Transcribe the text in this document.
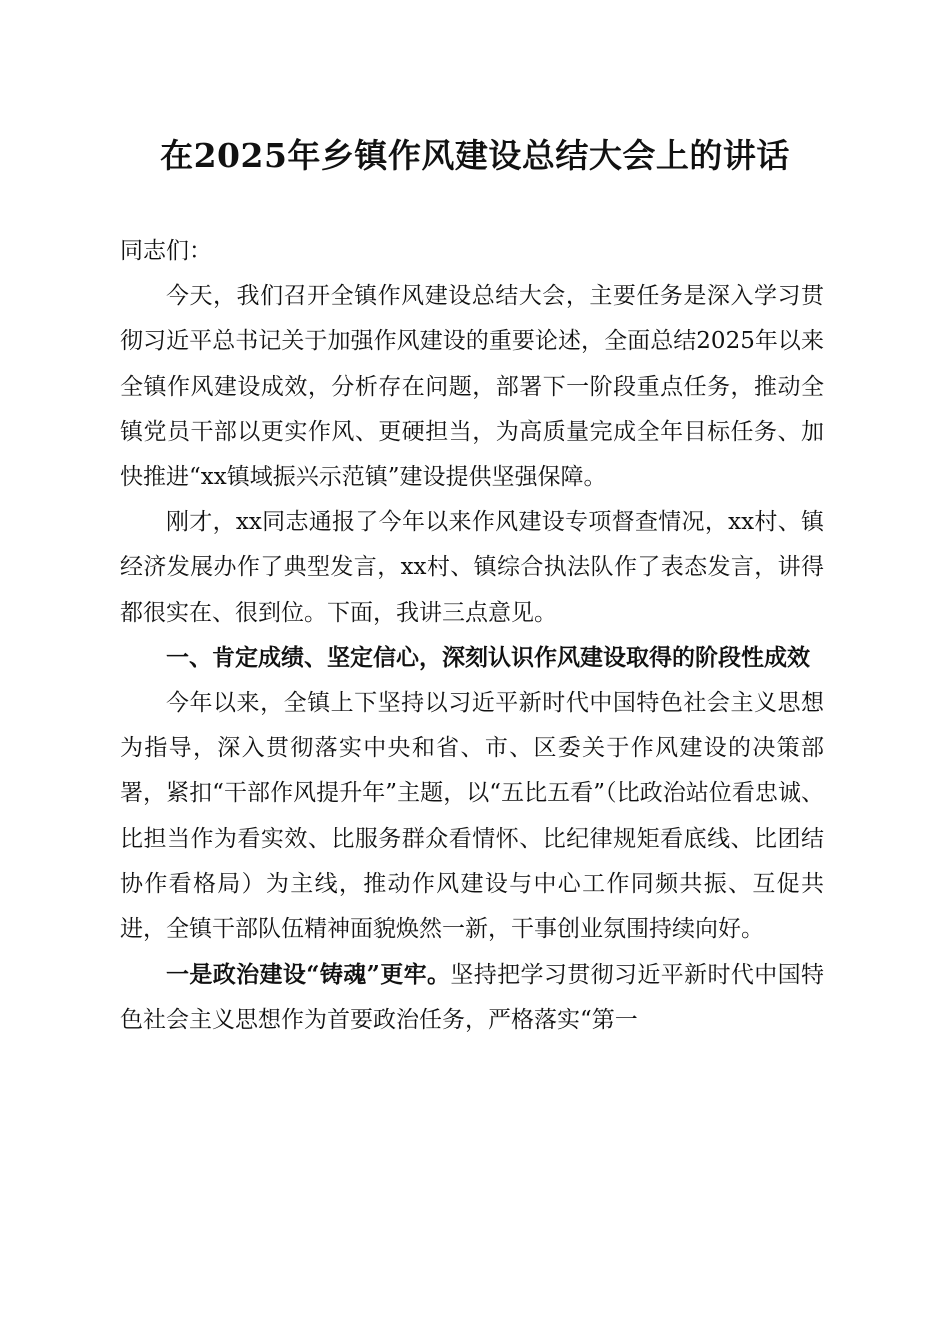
在2025年乡镇作风建设总结大会上的讲话

同志们：

今天，我们召开全镇作风建设总结大会，主要任务是深入学习贯彻习近平总书记关于加强作风建设的重要论述，全面总结2025年以来全镇作风建设成效，分析存在问题，部署下一阶段重点任务，推动全镇党员干部以更实作风、更硬担当，为高质量完成全年目标任务、加快推进“xx镇域振兴示范镇”建设提供坚强保障。

刚才，xx同志通报了今年以来作风建设专项督查情况，xx村、镇经济发展办作了典型发言，xx村、镇综合执法队作了表态发言，讲得都很实在、很到位。下面，我讲三点意见。

一、肯定成绩、坚定信心，深刻认识作风建设取得的阶段性成效

今年以来，全镇上下坚持以习近平新时代中国特色社会主义思想为指导，深入贯彻落实中央和省、市、区委关于作风建设的决策部署，紧扣“干部作风提升年”主题，以“五比五看”（比政治站位看忠诚、比担当作为看实效、比服务群众看情怀、比纪律规矩看底线、比团结协作看格局）为主线，推动作风建设与中心工作同频共振、互促共进，全镇干部队伍精神面貌焕然一新，干事创业氛围持续向好。

一是政治建设“铸魂”更牢。坚持把学习贯彻习近平新时代中国特色社会主义思想作为首要政治任务，严格落实“第一
